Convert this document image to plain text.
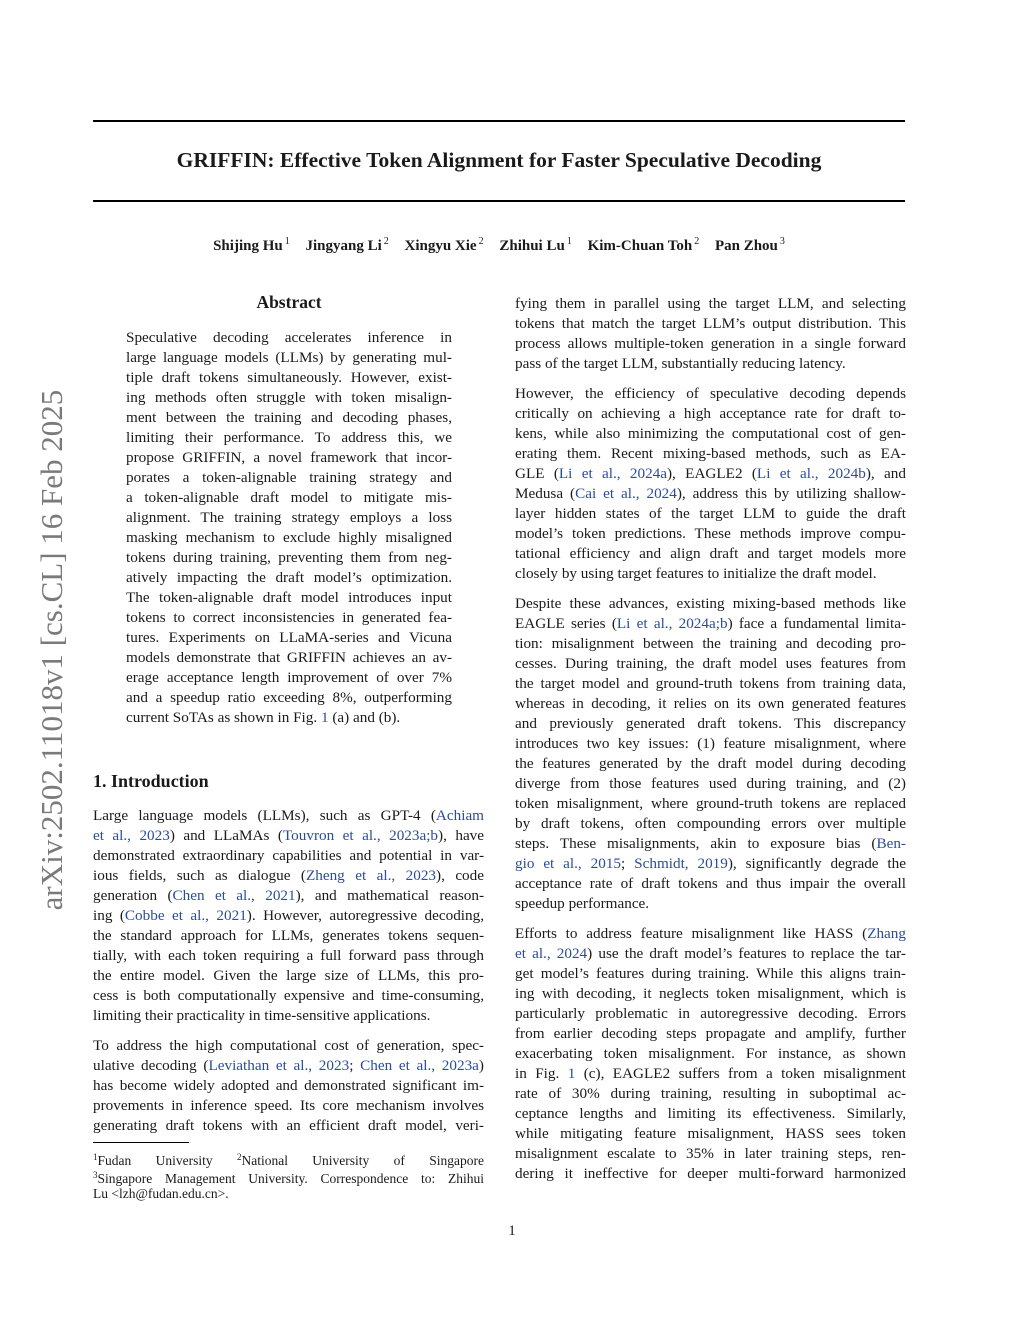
arXiv:2502.11018v1 [cs.CL] 16 Feb 2025
GRIFFIN: Effective Token Alignment for Faster Speculative Decoding
Shijing Hu $^1$ Jingyang Li $^2$ Xingyu Xie $^2$ Zhihui Lu $^1$ Kim-Chuan Toh $^2$ Pan Zhou $^3$
Abstract
Speculative decoding accelerates inference in
large language models (LLMs) by generating mul-
tiple draft tokens simultaneously. However, exist-
ing methods often struggle with token misalign-
ment between the training and decoding phases,
limiting their performance. To address this, we
propose GRIFFIN, a novel framework that incor-
porates a token-alignable training strategy and
a token-alignable draft model to mitigate mis-
alignment. The training strategy employs a loss
masking mechanism to exclude highly misaligned
tokens during training, preventing them from neg-
atively impacting the draft model’s optimization.
The token-alignable draft model introduces input
tokens to correct inconsistencies in generated fea-
tures. Experiments on LLaMA-series and Vicuna
models demonstrate that GRIFFIN achieves an av-
erage acceptance length improvement of over 7%
and a speedup ratio exceeding 8%, outperforming
current SoTAs as shown in Fig. 1 (a) and (b).
1. Introduction
Large language models (LLMs), such as GPT-4 (Achiam
et al., 2023) and LLaMAs (Touvron et al., 2023a;b), have
demonstrated extraordinary capabilities and potential in var-
ious fields, such as dialogue (Zheng et al., 2023), code
generation (Chen et al., 2021), and mathematical reason-
ing (Cobbe et al., 2021). However, autoregressive decoding,
the standard approach for LLMs, generates tokens sequen-
tially, with each token requiring a full forward pass through
the entire model. Given the large size of LLMs, this pro-
cess is both computationally expensive and time-consuming,
limiting their practicality in time-sensitive applications.
To address the high computational cost of generation, spec-
ulative decoding (Leviathan et al., 2023; Chen et al., 2023a)
has become widely adopted and demonstrated significant im-
provements in inference speed. Its core mechanism involves
generating draft tokens with an efficient draft model, veri-
$^1$Fudan University	$^2$National University of Singapore
$^3$Singapore Management University. Correspondence to: Zhihui
Lu <lzh@fudan.edu.cn>.
fying them in parallel using the target LLM, and selecting
tokens that match the target LLM’s output distribution. This
process allows multiple-token generation in a single forward
pass of the target LLM, substantially reducing latency.
However, the efficiency of speculative decoding depends
critically on achieving a high acceptance rate for draft to-
kens, while also minimizing the computational cost of gen-
erating them. Recent mixing-based methods, such as EA-
GLE (Li et al., 2024a), EAGLE2 (Li et al., 2024b), and
Medusa (Cai et al., 2024), address this by utilizing shallow-
layer hidden states of the target LLM to guide the draft
model’s token predictions. These methods improve compu-
tational efficiency and align draft and target models more
closely by using target features to initialize the draft model.
Despite these advances, existing mixing-based methods like
EAGLE series (Li et al., 2024a;b) face a fundamental limita-
tion: misalignment between the training and decoding pro-
cesses. During training, the draft model uses features from
the target model and ground-truth tokens from training data,
whereas in decoding, it relies on its own generated features
and previously generated draft tokens. This discrepancy
introduces two key issues: (1) feature misalignment, where
the features generated by the draft model during decoding
diverge from those features used during training, and (2)
token misalignment, where ground-truth tokens are replaced
by draft tokens, often compounding errors over multiple
steps. These misalignments, akin to exposure bias (Ben-
gio et al., 2015; Schmidt, 2019), significantly degrade the
acceptance rate of draft tokens and thus impair the overall
speedup performance.
Efforts to address feature misalignment like HASS (Zhang
et al., 2024) use the draft model’s features to replace the tar-
get model’s features during training. While this aligns train-
ing with decoding, it neglects token misalignment, which is
particularly problematic in autoregressive decoding. Errors
from earlier decoding steps propagate and amplify, further
exacerbating token misalignment. For instance, as shown
in Fig. 1 (c), EAGLE2 suffers from a token misalignment
rate of 30% during training, resulting in suboptimal ac-
ceptance lengths and limiting its effectiveness. Similarly,
while mitigating feature misalignment, HASS sees token
misalignment escalate to 35% in later training steps, ren-
dering it ineffective for deeper multi-forward harmonized
1
